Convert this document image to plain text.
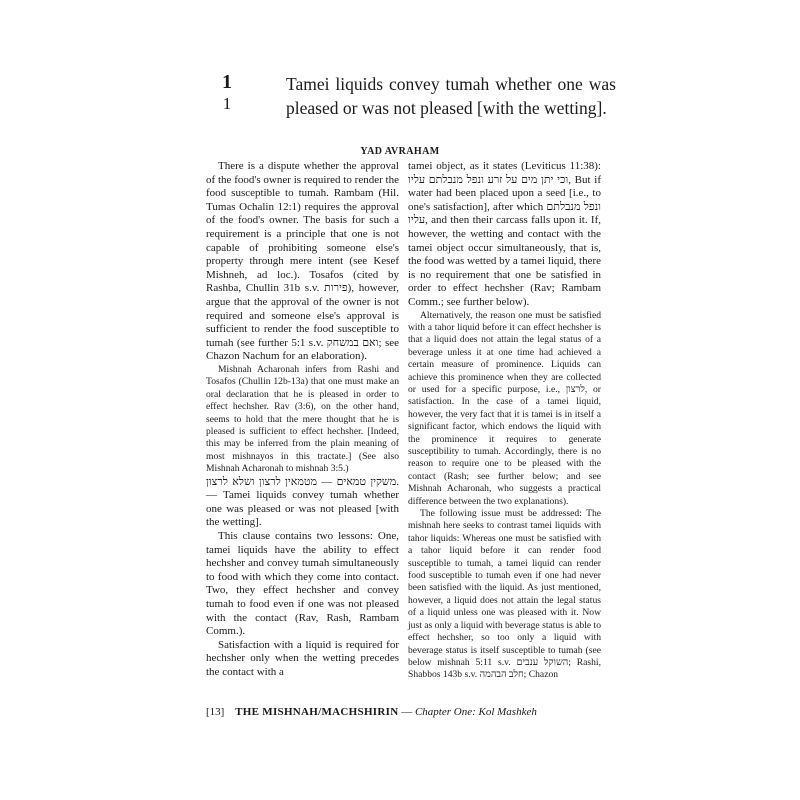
1
1
Tamei liquids convey tumah whether one was pleased or was not pleased [with the wetting].
YAD AVRAHAM

There is a dispute whether the approval of the food's owner is required to render the food susceptible to tumah. Rambam (Hil. Tumas Ochalin 12:1) requires the approval of the food's owner. The basis for such a requirement is a principle that one is not capable of prohibiting someone else's property through mere intent (see Kesef Mishneh, ad loc.). Tosafos (cited by Rashba, Chullin 31b s.v. פירות), however, argue that the approval of the owner is not required and someone else's approval is sufficient to render the food susceptible to tumah (see further 5:1 s.v. ואם במשחק; see Chazon Nachum for an elaboration).

Mishnah Acharonah infers from Rashi and Tosafos (Chullin 12b-13a) that one must make an oral declaration that he is pleased in order to effect hechsher. Rav (3:6), on the other hand, seems to hold that the mere thought that he is pleased is sufficient to effect hechsher. [Indeed, this may be inferred from the plain meaning of most mishnayos in this tractate.] (See also Mishnah Acharonah to mishnah 3:5.)

משקין טמאים — מטמאין לרצון ושלא לרצון. — Tamei liquids convey tumah whether one was pleased or was not pleased [with the wetting].

This clause contains two lessons: One, tamei liquids have the ability to effect hechsher and convey tumah simultaneously to food with which they come into contact. Two, they effect hechsher and convey tumah to food even if one was not pleased with the contact (Rav, Rash, Rambam Comm.).

Satisfaction with a liquid is required for hechsher only when the wetting precedes the contact with a

tamei object, as it states (Leviticus 11:38): וכי יתן מים על זרע ונפל מנבלתם עליו, But if water had been placed upon a seed [i.e., to one's satisfaction], after which ונפל מנבלתם עליו, and then their carcass falls upon it. If, however, the wetting and contact with the tamei object occur simultaneously, that is, the food was wetted by a tamei liquid, there is no requirement that one be satisfied in order to effect hechsher (Rav; Rambam Comm.; see further below).

Alternatively, the reason one must be satisfied with a tahor liquid before it can effect hechsher is that a liquid does not attain the legal status of a beverage unless it at one time had achieved a certain measure of prominence. Liquids can achieve this prominence when they are collected or used for a specific purpose, i.e., לרצון, or satisfaction. In the case of a tamei liquid, however, the very fact that it is tamei is in itself a significant factor, which endows the liquid with the prominence it requires to generate susceptibility to tumah. Accordingly, there is no reason to require one to be pleased with the contact (Rash; see further below; and see Mishnah Acharonah, who suggests a practical difference between the two explanations).

The following issue must be addressed: The mishnah here seeks to contrast tamei liquids with tahor liquids: Whereas one must be satisfied with a tahor liquid before it can render food susceptible to tumah, a tamei liquid can render food susceptible to tumah even if one had never been satisfied with the liquid. As just mentioned, however, a liquid does not attain the legal status of a liquid unless one was pleased with it. Now just as only a liquid with beverage status is able to effect hechsher, so too only a liquid with beverage status is itself susceptible to tumah (see below mishnah 5:11 s.v. השוקל ענבים; Rashi, Shabbos 143b s.v. חלב הבהמה; Chazon

[13] THE MISHNAH/MACHSHIRIN — Chapter One: Kol Mashkeh
